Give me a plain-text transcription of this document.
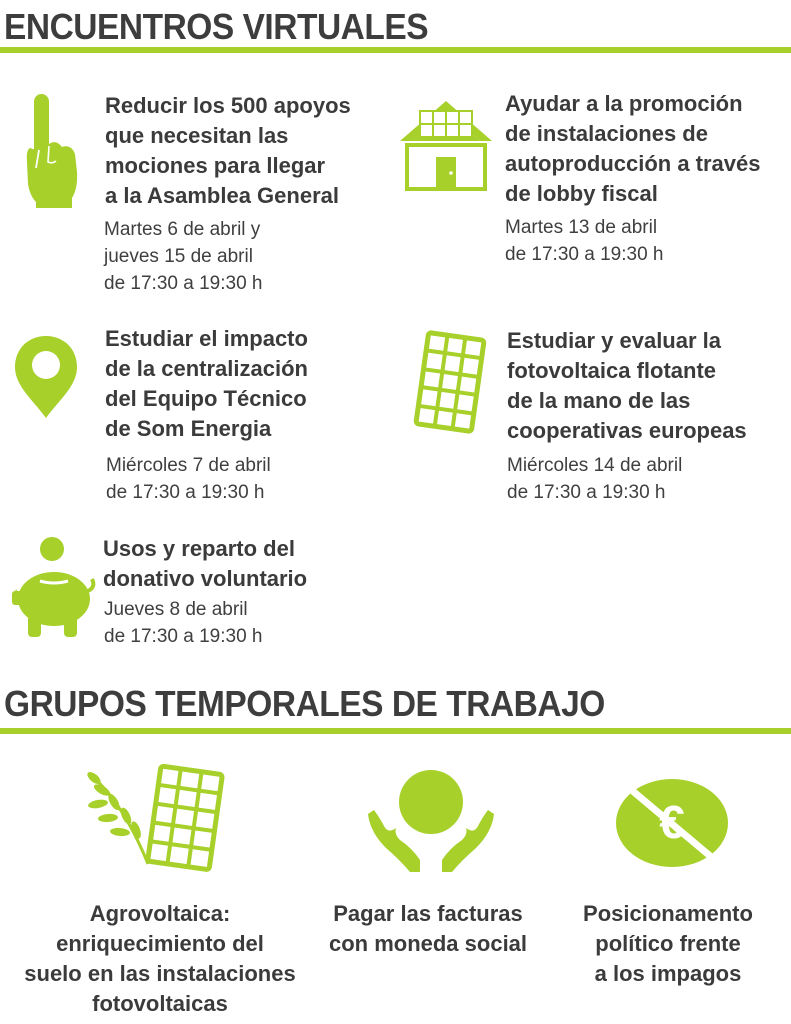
ENCUENTROS VIRTUALES
Reducir los 500 apoyos
que necesitan las
mociones para llegar
a la Asamblea General
Martes 6 de abril y
jueves 15 de abril
de 17:30 a 19:30 h
Ayudar a la promoción
de instalaciones de
autoproducción a través
de lobby fiscal
Martes 13 de abril
de 17:30 a 19:30 h
Estudiar el impacto
de la centralización
del Equipo Técnico
de Som Energia
Miércoles 7 de abril
de 17:30 a 19:30 h
Estudiar y evaluar la
fotovoltaica flotante
de la mano de las
cooperativas europeas
Miércoles 14 de abril
de 17:30 a 19:30 h
Usos y reparto del
donativo voluntario
Jueves 8 de abril
de 17:30 a 19:30 h
GRUPOS TEMPORALES DE TRABAJO
Agrovoltaica:
enriquecimiento del
suelo en las instalaciones
fotovoltaicas
Pagar las facturas
con moneda social
€
Posicionamento
político frente
a los impagos
